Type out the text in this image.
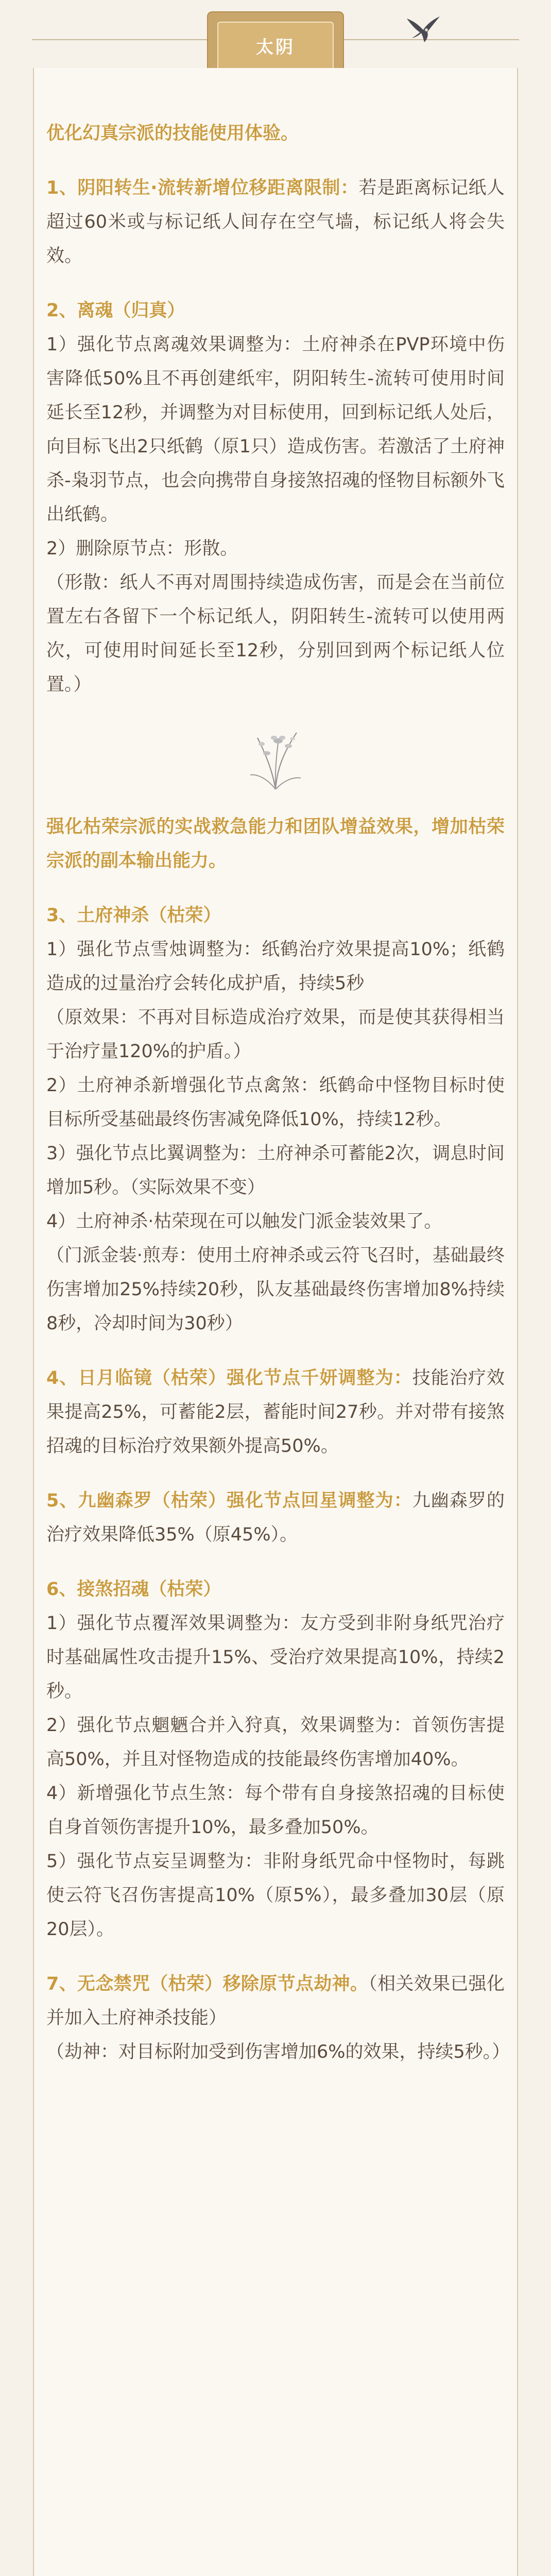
太阴

优化幻真宗派的技能使用体验。

1、阴阳转生·流转新增位移距离限制：若是距离标记纸人超过60米或与标记纸人间存在空气墙，标记纸人将会失效。

2、离魂（归真）

1）强化节点离魂效果调整为：土府神杀在PVP环境中伤害降低50%且不再创建纸牢，阴阳转生-流转可使用时间延长至12秒，并调整为对目标使用，回到标记纸人处后，向目标飞出2只纸鹤（原1只）造成伤害。若激活了土府神杀-枭羽节点，也会向携带自身接煞招魂的怪物目标额外飞出纸鹤。

2）删除原节点：形散。

（形散：纸人不再对周围持续造成伤害，而是会在当前位置左右各留下一个标记纸人，阴阳转生-流转可以使用两次，可使用时间延长至12秒，分别回到两个标记纸人位置。）

强化枯荣宗派的实战救急能力和团队增益效果，增加枯荣宗派的副本输出能力。

3、土府神杀（枯荣）

1）强化节点雪烛调整为：纸鹤治疗效果提高10%；纸鹤造成的过量治疗会转化成护盾，持续5秒

（原效果：不再对目标造成治疗效果，而是使其获得相当于治疗量120%的护盾。）

2）土府神杀新增强化节点禽煞：纸鹤命中怪物目标时使目标所受基础最终伤害减免降低10%，持续12秒。

3）强化节点比翼调整为：土府神杀可蓄能2次，调息时间增加5秒。（实际效果不变）

4）土府神杀·枯荣现在可以触发门派金装效果了。

（门派金装·煎寿：使用土府神杀或云符飞召时，基础最终伤害增加25%持续20秒，队友基础最终伤害增加8%持续8秒，冷却时间为30秒）

4、日月临镜（枯荣）强化节点千妍调整为：技能治疗效果提高25%，可蓄能2层，蓄能时间27秒。并对带有接煞招魂的目标治疗效果额外提高50%。

5、九幽森罗（枯荣）强化节点回星调整为：九幽森罗的治疗效果降低35%（原45%）。

6、接煞招魂（枯荣）

1）强化节点覆浑效果调整为：友方受到非附身纸咒治疗时基础属性攻击提升15%、受治疗效果提高10%，持续2秒。

2）强化节点魍魉合并入狩真，效果调整为：首领伤害提高50%，并且对怪物造成的技能最终伤害增加40%。

4）新增强化节点生煞：每个带有自身接煞招魂的目标使自身首领伤害提升10%，最多叠加50%。

5）强化节点妄呈调整为：非附身纸咒命中怪物时，每跳使云符飞召伤害提高10%（原5%），最多叠加30层（原20层）。

7、无念禁咒（枯荣）移除原节点劫神。（相关效果已强化并加入土府神杀技能）

（劫神：对目标附加受到伤害增加6%的效果，持续5秒。）
